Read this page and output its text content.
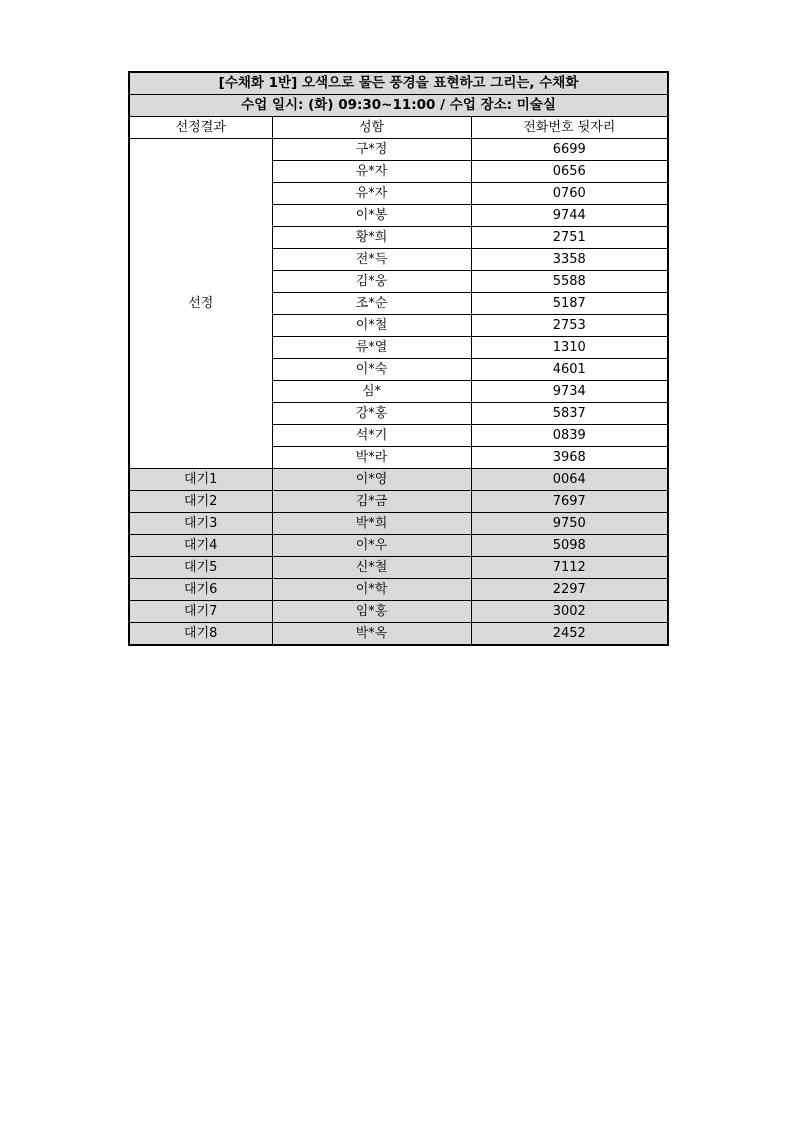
[수채화 1반] 오색으로 물든 풍경을 표현하고 그리는, 수채화		
수업 일시: (화) 09:30~11:00 / 수업 장소: 미술실		
선정결과	성함	전화번호 뒷자리
선정	구*정	6699
	유*자	0656
	유*자	0760
	이*봉	9744
	황*희	2751
	전*득	3358
	김*웅	5588
	조*순	5187
	이*철	2753
	류*열	1310
	이*숙	4601
	심*	9734
	강*홍	5837
	석*기	0839
	박*라	3968
대기1	이*영	0064
대기2	김*금	7697
대기3	박*희	9750
대기4	이*우	5098
대기5	신*철	7112
대기6	이*학	2297
대기7	임*홍	3002
대기8	박*옥	2452
